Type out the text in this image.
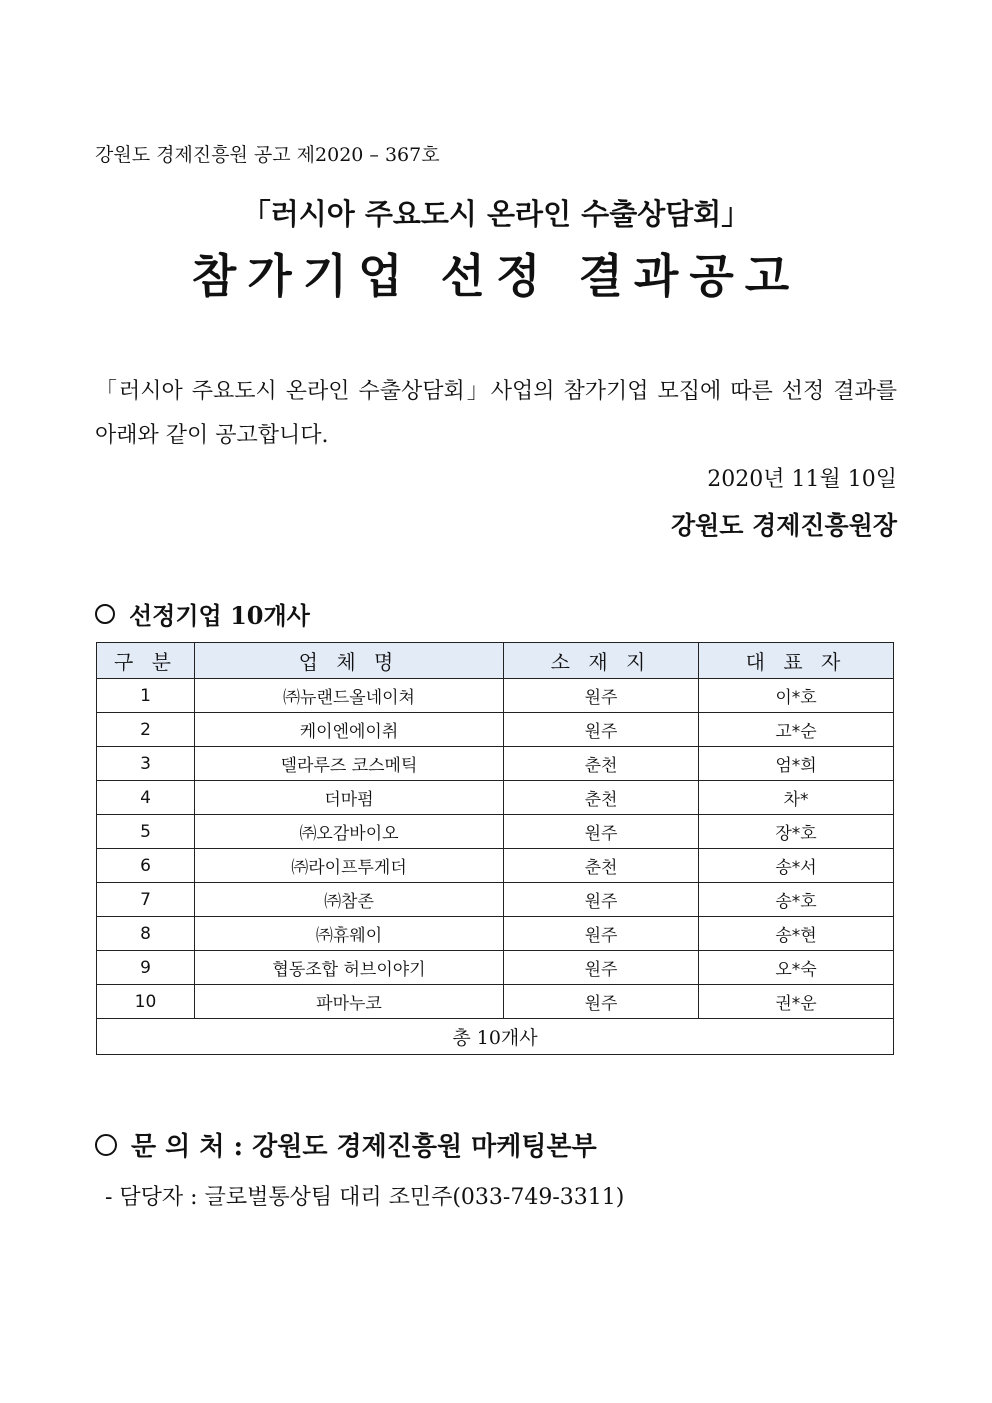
강원도 경제진흥원 공고 제2020 – 367호
「러시아 주요도시 온라인 수출상담회」
참가기업 선정 결과공고
「러시아 주요도시 온라인 수출상담회」사업의 참가기업 모집에 따른 선정 결과를 아래와 같이 공고합니다.
2020년 11월 10일
강원도 경제진흥원장
선정기업 10개사
구 분	업 체 명	소 재 지	대 표 자
1	㈜뉴랜드올네이쳐	원주	이*호
2	케이엔에이취	원주	고*순
3	델라루즈 코스메틱	춘천	엄*희
4	더마펌	춘천	차*
5	㈜오감바이오	원주	장*호
6	㈜라이프투게더	춘천	송*서
7	㈜참존	원주	송*호
8	㈜휴웨이	원주	송*현
9	협동조합 허브이야기	원주	오*숙
10	파마누코	원주	권*운
총 10개사			
문 의 처 : 강원도 경제진흥원 마케팅본부
- 담당자 : 글로벌통상팀 대리 조민주(033-749-3311)
